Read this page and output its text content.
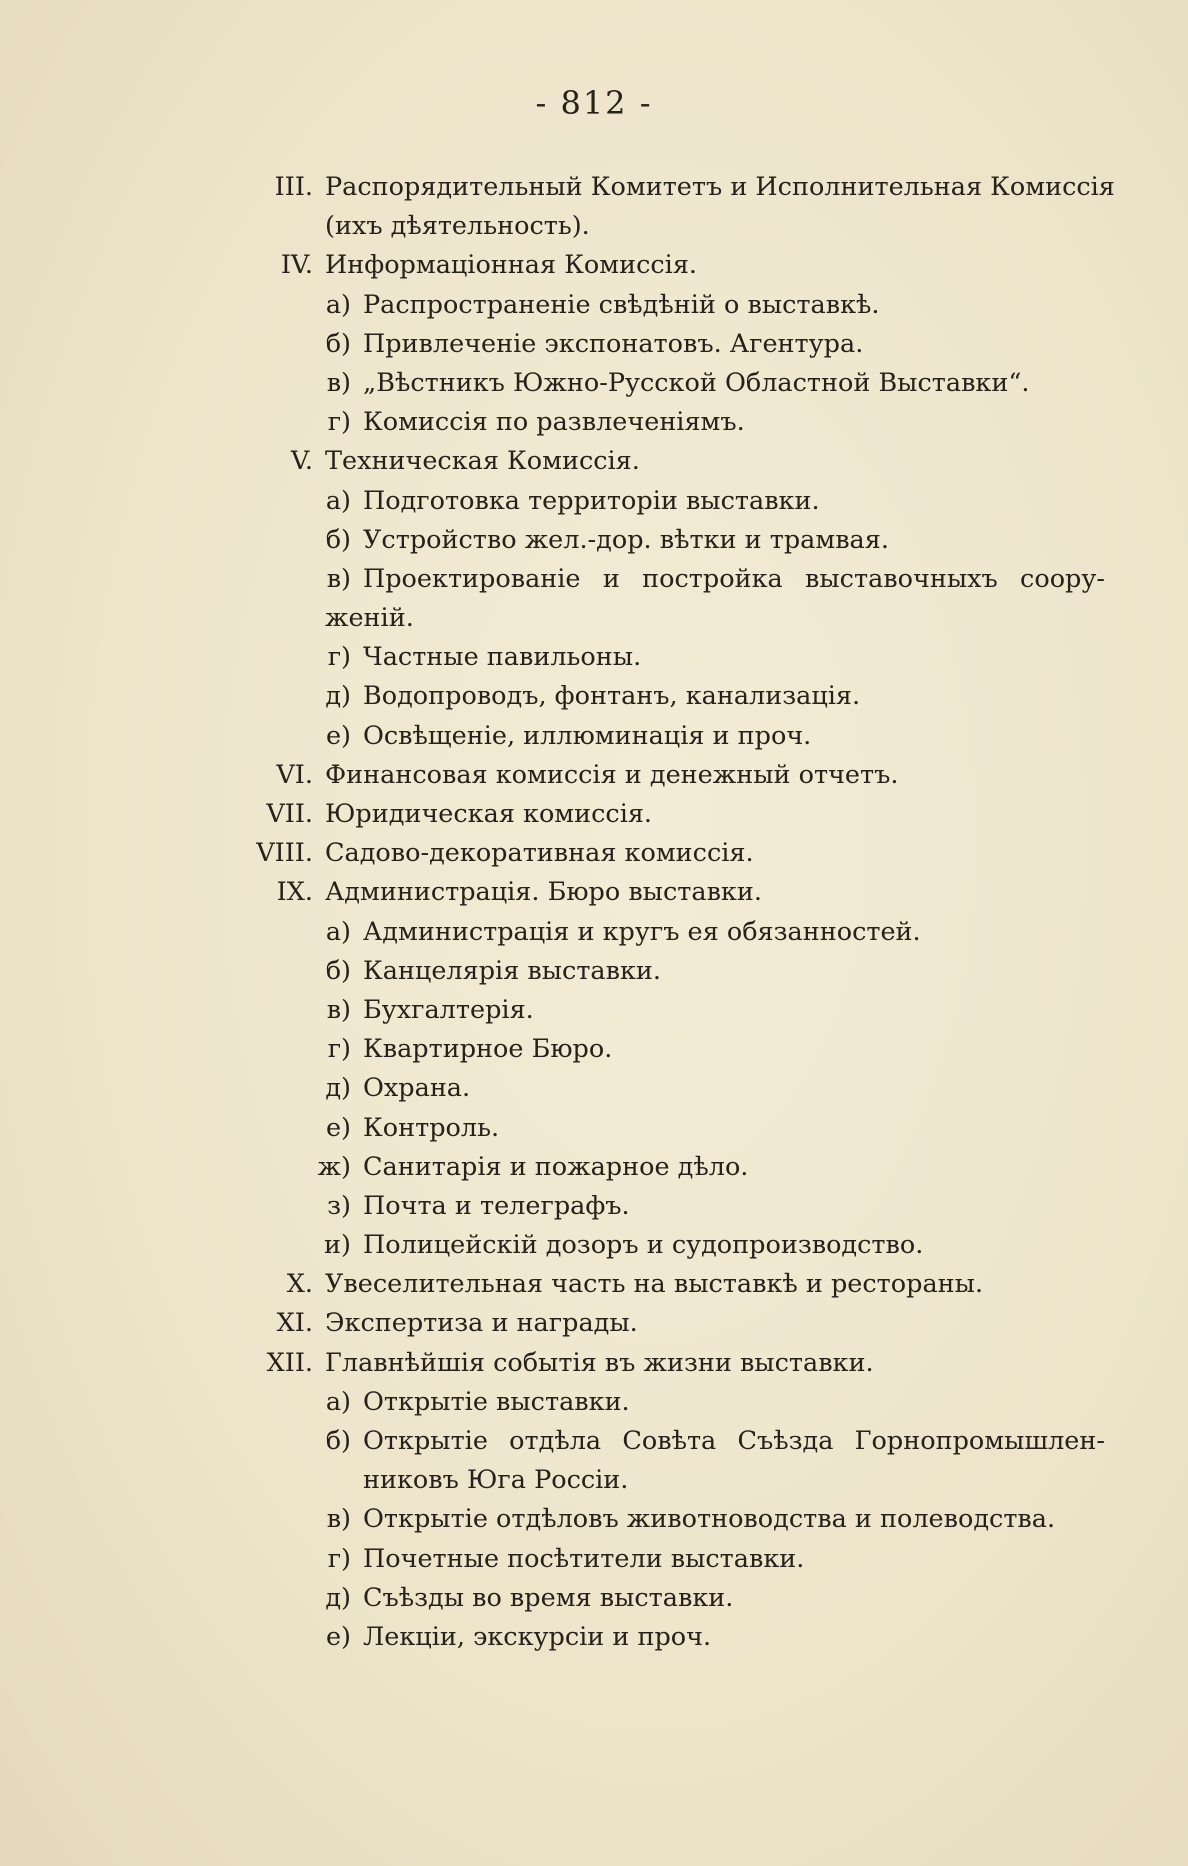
- 812 -
III. Распорядительный Комитетъ и Исполнительная Комиссія
(ихъ дѣятельность).
IV. Информаціонная Комиссія.
а) Распространеніе свѣдѣній о выставкѣ.
б) Привлеченіе экспонатовъ. Агентура.
в) „Вѣстникъ Южно-Русской Областной Выставки“.
г) Комиссія по развлеченіямъ.
V. Техническая Комиссія.
а) Подготовка территоріи выставки.
б) Устройство жел.-дор. вѣтки и трамвая.
в) Проектированіе и постройка выставочныхъ соору-
женій.
г) Частные павильоны.
д) Водопроводъ, фонтанъ, канализація.
е) Освѣщеніе, иллюминація и проч.
VI. Финансовая комиссія и денежный отчетъ.
VII. Юридическая комиссія.
VIII. Садово-декоративная комиссія.
IX. Администрація. Бюро выставки.
а) Администрація и кругъ ея обязанностей.
б) Канцелярія выставки.
в) Бухгалтерія.
г) Квартирное Бюро.
д) Охрана.
е) Контроль.
ж) Санитарія и пожарное дѣло.
з) Почта и телеграфъ.
и) Полицейскій дозоръ и судопроизводство.
X. Увеселительная часть на выставкѣ и рестораны.
XI. Экспертиза и награды.
XII. Главнѣйшія событія въ жизни выставки.
а) Открытіе выставки.
б) Открытіе отдѣла Совѣта Съѣзда Горнопромышлен-
никовъ Юга Россіи.
в) Открытіе отдѣловъ животноводства и полеводства.
г) Почетные посѣтители выставки.
д) Съѣзды во время выставки.
е) Лекціи, экскурсіи и проч.
